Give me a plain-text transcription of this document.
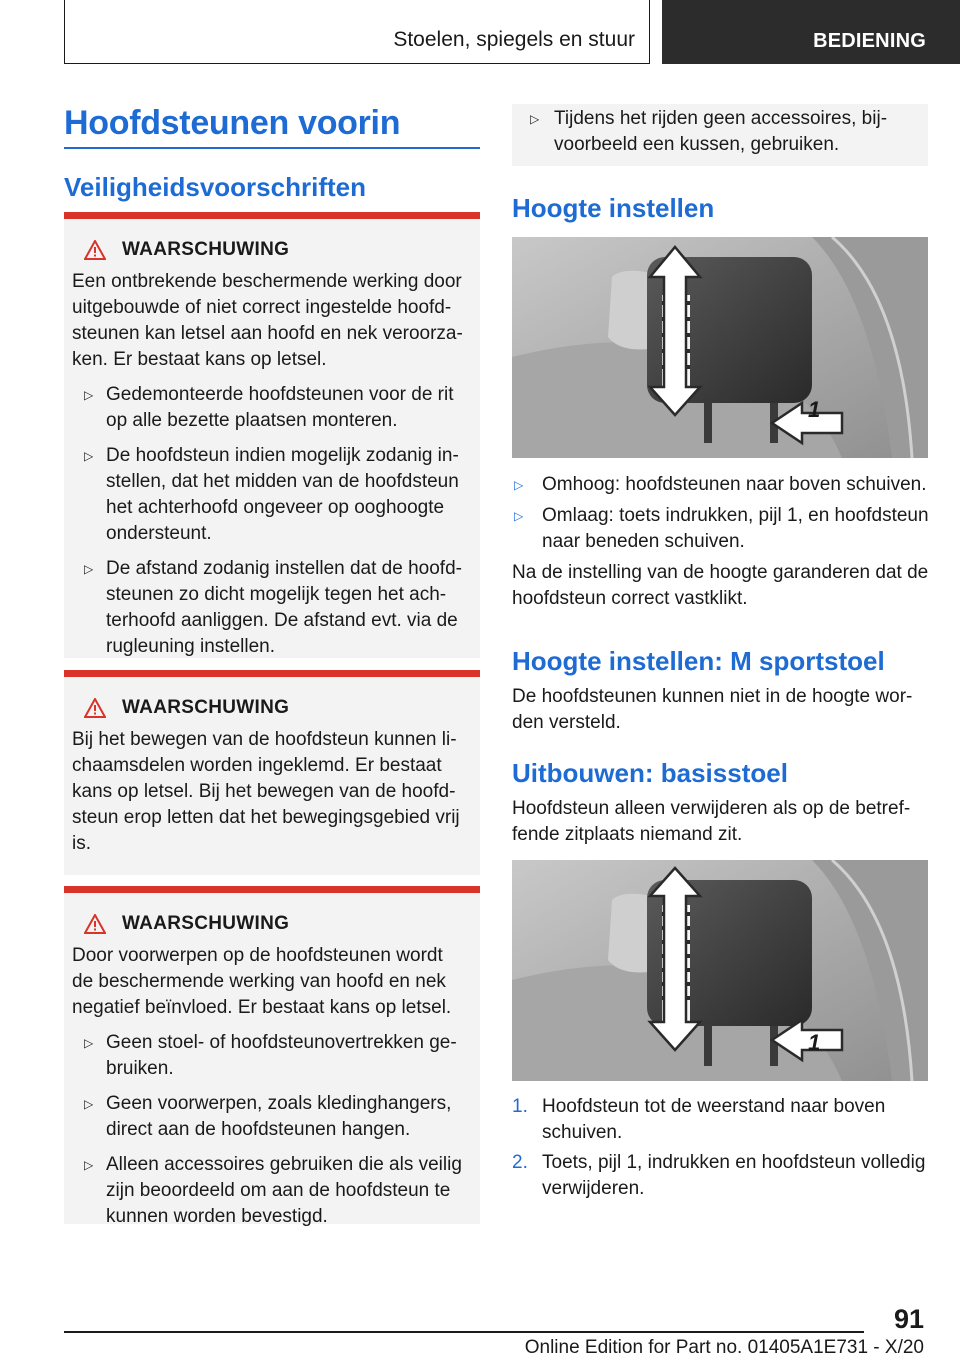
Stoelen, spiegels en stuur	BEDIENING
Hoofdsteunen voorin
Veiligheidsvoorschriften
WAARSCHUWING

Een ontbrekende beschermende werking door uitgebouwde of niet correct ingestelde hoofdsteunen kan letsel aan hoofd en nek veroorzaken. Er bestaat kans op letsel.

▷ Gedemonteerde hoofdsteunen voor de rit op alle bezette plaatsen monteren.
▷ De hoofdsteun indien mogelijk zodanig instellen, dat het midden van de hoofdsteun het achterhoofd ongeveer op ooghoogte ondersteunt.
▷ De afstand zodanig instellen dat de hoofdsteunen zo dicht mogelijk tegen het achterhoofd aanliggen. De afstand evt. via de rugleuning instellen.
WAARSCHUWING

Bij het bewegen van de hoofdsteun kunnen lichaamsdelen worden ingeklemd. Er bestaat kans op letsel. Bij het bewegen van de hoofdsteun erop letten dat het bewegingsgebied vrij is.

WAARSCHUWING

Door voorwerpen op de hoofdsteunen wordt de beschermende werking van hoofd en nek negatief beïnvloed. Er bestaat kans op letsel.

▷ Geen stoel- of hoofdsteunovertrekken gebruiken.
▷ Geen voorwerpen, zoals kledinghangers, direct aan de hoofdsteunen hangen.
▷ Alleen accessoires gebruiken die als veilig zijn beoordeeld om aan de hoofdsteun te kunnen worden bevestigd.
▷ Tijdens het rijden geen accessoires, bijvoorbeeld een kussen, gebruiken.
Hoogte instellen
1
▷ Omhoog: hoofdsteunen naar boven schuiven.
▷ Omlaag: toets indrukken, pijl 1, en hoofdsteun naar beneden schuiven.
Na de instelling van de hoogte garanderen dat de hoofdsteun correct vastklikt.
Hoogte instellen: M sportstoel
De hoofdsteunen kunnen niet in de hoogte worden versteld.
Uitbouwen: basisstoel
Hoofdsteun alleen verwijderen als op de betreffende zitplaats niemand zit.
1
1. Hoofdsteun tot de weerstand naar boven schuiven.
2. Toets, pijl 1, indrukken en hoofdsteun volledig verwijderen.
91
Online Edition for Part no. 01405A1E731 - X/20
